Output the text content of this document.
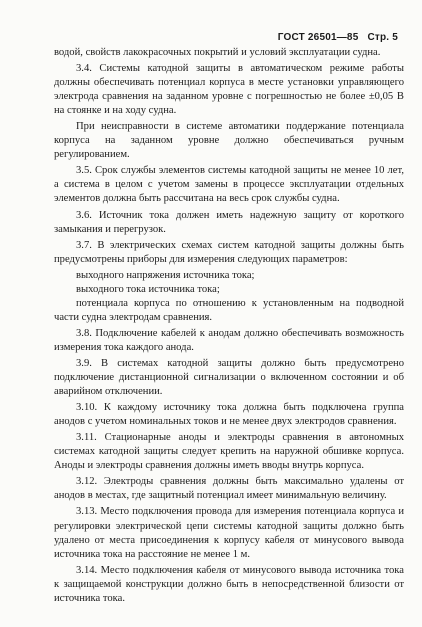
ГОСТ 26501—85 Стр. 5

водой, свойств лакокрасочных покрытий и условий эксплуатации судна.

3.4. Системы катодной защиты в автоматическом режиме работы должны обеспечивать потенциал корпуса в месте установки управляющего электрода сравнения на заданном уровне с погрешностью не более ±0,05 В на стоянке и на ходу судна.

При неисправности в системе автоматики поддержание потенциала корпуса на заданном уровне должно обеспечиваться ручным регулированием.

3.5. Срок службы элементов системы катодной защиты не менее 10 лет, а система в целом с учетом замены в процессе эксплуатации отдельных элементов должна быть рассчитана на весь срок службы судна.

3.6. Источник тока должен иметь надежную защиту от короткого замыкания и перегрузок.

3.7. В электрических схемах систем катодной защиты должны быть предусмотрены приборы для измерения следующих параметров:

выходного напряжения источника тока;

выходного тока источника тока;

потенциала корпуса по отношению к установленным на подводной части судна электродам сравнения.

3.8. Подключение кабелей к анодам должно обеспечивать возможность измерения тока каждого анода.

3.9. В системах катодной защиты должно быть предусмотрено подключение дистанционной сигнализации о включенном состоянии и об аварийном отключении.

3.10. К каждому источнику тока должна быть подключена группа анодов с учетом номинальных токов и не менее двух электродов сравнения.

3.11. Стационарные аноды и электроды сравнения в автономных системах катодной защиты следует крепить на наружной обшивке корпуса. Аноды и электроды сравнения должны иметь вводы внутрь корпуса.

3.12. Электроды сравнения должны быть максимально удалены от анодов в местах, где защитный потенциал имеет минимальную величину.

3.13. Место подключения провода для измерения потенциала корпуса и регулировки электрической цепи системы катодной защиты должно быть удалено от места присоединения к корпусу кабеля от минусового вывода источника тока на расстояние не менее 1 м.

3.14. Место подключения кабеля от минусового вывода источника тока к защищаемой конструкции должно быть в непосредственной близости от источника тока.
